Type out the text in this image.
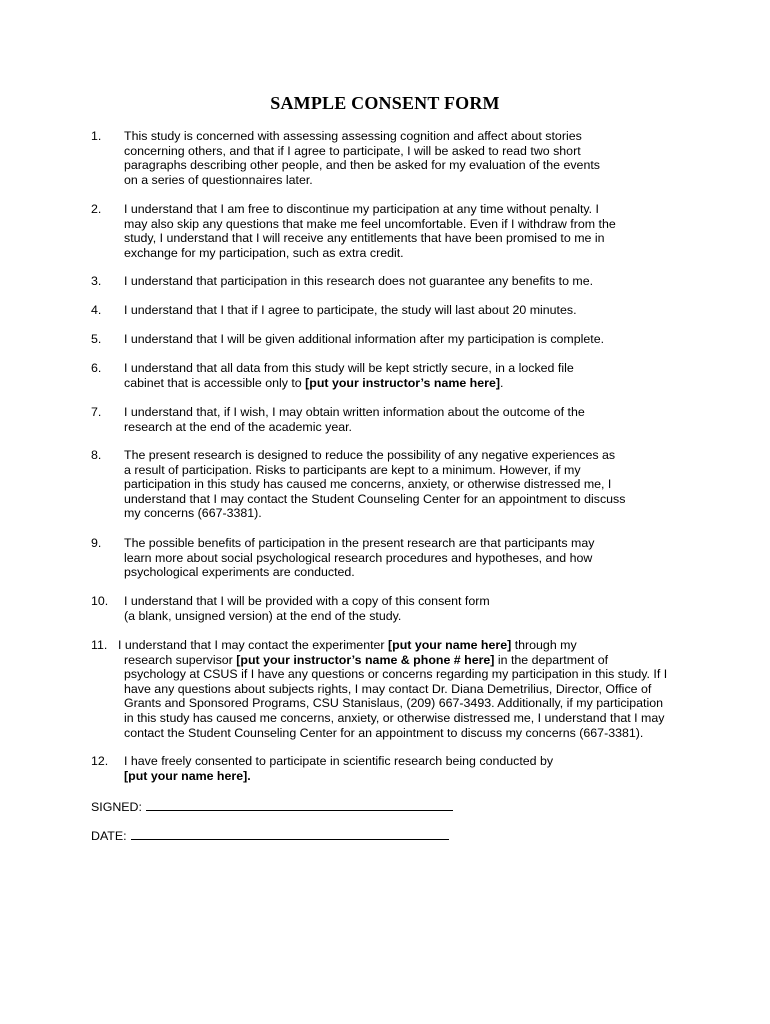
SAMPLE CONSENT FORM
1. This study is concerned with assessing assessing cognition and affect about stories
concerning others, and that if I agree to participate, I will be asked to read two short
paragraphs describing other people, and then be asked for my evaluation of the events
on a series of questionnaires later.
2. I understand that I am free to discontinue my participation at any time without penalty. I
may also skip any questions that make me feel uncomfortable. Even if I withdraw from the
study, I understand that I will receive any entitlements that have been promised to me in
exchange for my participation, such as extra credit.
3. I understand that participation in this research does not guarantee any benefits to me.
4. I understand that I that if I agree to participate, the study will last about 20 minutes.
5. I understand that I will be given additional information after my participation is complete.
6. I understand that all data from this study will be kept strictly secure, in a locked file
cabinet that is accessible only to [put your instructor’s name here].
7. I understand that, if I wish, I may obtain written information about the outcome of the
research at the end of the academic year.
8. The present research is designed to reduce the possibility of any negative experiences as
a result of participation. Risks to participants are kept to a minimum. However, if my
participation in this study has caused me concerns, anxiety, or otherwise distressed me, I
understand that I may contact the Student Counseling Center for an appointment to discuss
my concerns (667-3381).
9. The possible benefits of participation in the present research are that participants may
learn more about social psychological research procedures and hypotheses, and how
psychological experiments are conducted.
10. I understand that I will be provided with a copy of this consent form
(a blank, unsigned version) at the end of the study.
11. I understand that I may contact the experimenter [put your name here] through my
research supervisor [put your instructor’s name & phone # here] in the department of
psychology at CSUS if I have any questions or concerns regarding my participation in this study. If I
have any questions about subjects rights, I may contact Dr. Diana Demetrilius, Director, Office of
Grants and Sponsored Programs, CSU Stanislaus, (209) 667-3493. Additionally, if my participation
in this study has caused me concerns, anxiety, or otherwise distressed me, I understand that I may
contact the Student Counseling Center for an appointment to discuss my concerns (667-3381).
12. I have freely consented to participate in scientific research being conducted by
[put your name here].
SIGNED:
DATE:
